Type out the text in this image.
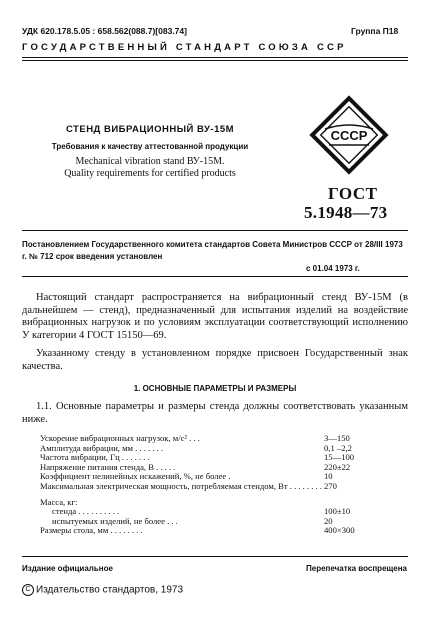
УДК 620.178.5.05 : 658.562(088.7)[083.74]	Группа П18
ГОСУДАРСТВЕННЫЙ СТАНДАРТ СОЮЗА ССР
СТЕНД ВИБРАЦИОННЫЙ ВУ-15М
Требования к качеству аттестованной продукции
Mechanical vibration stand ВУ-15М.
Quality requirements for certified products
СССР
ГОСТ
5.1948—73
Постановлением Государственного комитета стандартов Совета Министров СССР от 28/III 1973 г. № 712 срок введения установлен
с 01.04 1973 г.
Настоящий стандарт распространяется на вибрационный стенд ВУ-15М (в дальнейшем — стенд), предназначенный для испытания изделий на воздействие вибрационных нагрузок и по условиям эксплуатации соответствующий исполнению У категории 4 ГОСТ 15150—69.
Указанному стенду в установленном порядке присвоен Государственный знак качества.
1. ОСНОВНЫЕ ПАРАМЕТРЫ И РАЗМЕРЫ
1.1. Основные параметры и размеры стенда должны соответствовать указанным ниже.
Ускорение вибрационных нагрузок, м/с² . . .	3—150
Амплитуда вибрации, мм . . . . . . .	0,1 –2,2
Частота вибрации, Гц . . . . . . .	15—100
Напряжение питания стенда, В . . . . .	220±22
Коэффициент нелинейных искажений, %, не более .	10
Максимальная электрическая мощность, потребляемая стендом, Вт . . . . . . . .	270
Масса, кг:	
стенда . . . . . . . . . .	100±10
испытуемых изделий, не более . . .	20
Размеры стола, мм . . . . . . . .	400×300
Издание официальное	Перепечатка воспрещена
С Издательство стандартов, 1973
